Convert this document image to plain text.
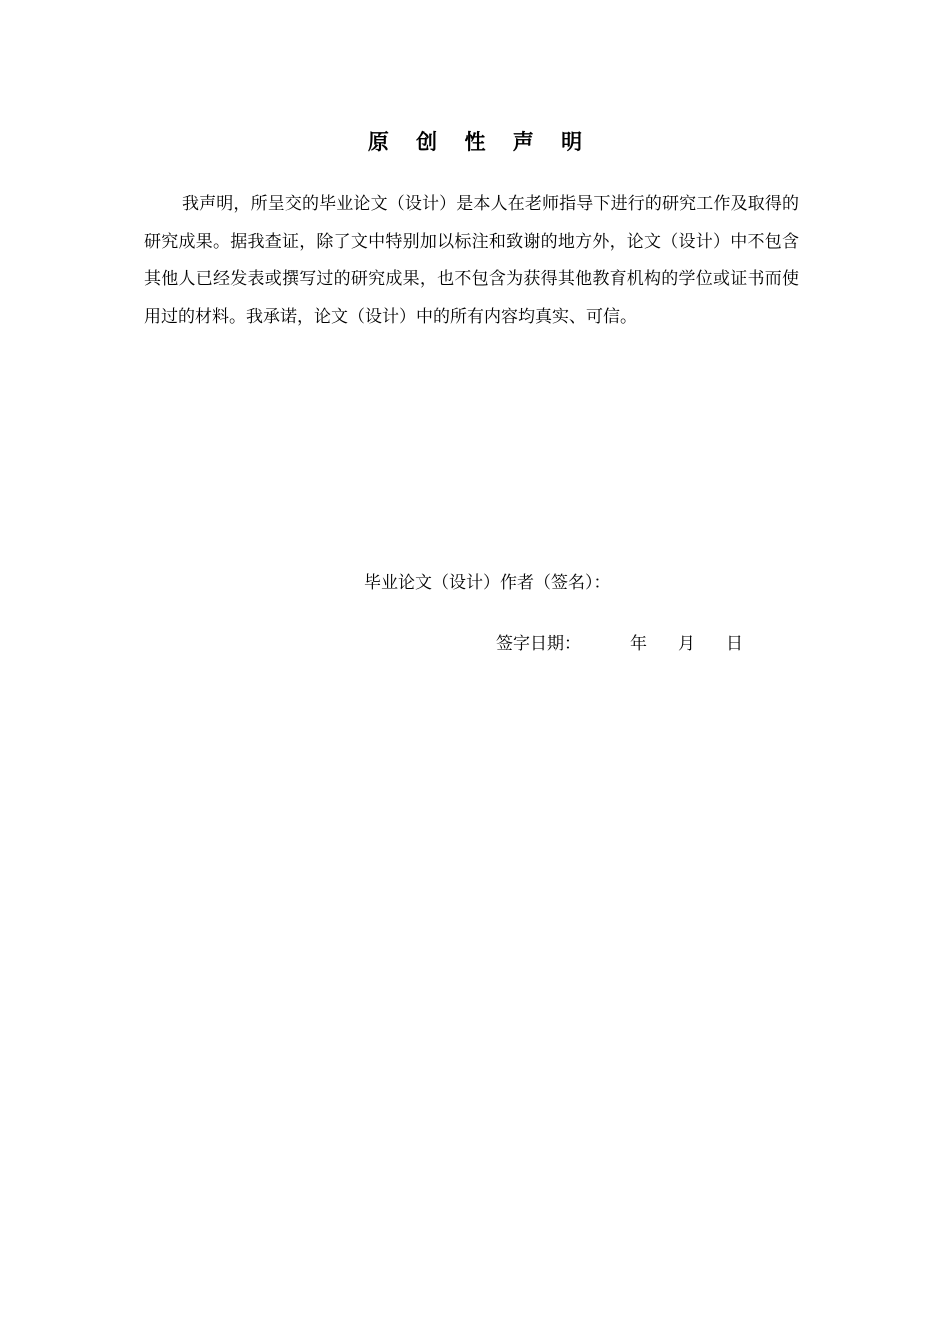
原 创 性 声 明

我声明，所呈交的毕业论文（设计）是本人在老师指导下进行的研究工作及取得的研究成果。据我查证，除了文中特别加以标注和致谢的地方外，论文（设计）中不包含其他人已经发表或撰写过的研究成果，也不包含为获得其他教育机构的学位或证书而使用过的材料。我承诺，论文（设计）中的所有内容均真实、可信。

毕业论文（设计）作者（签名）：
签字日期：	年 月 日
